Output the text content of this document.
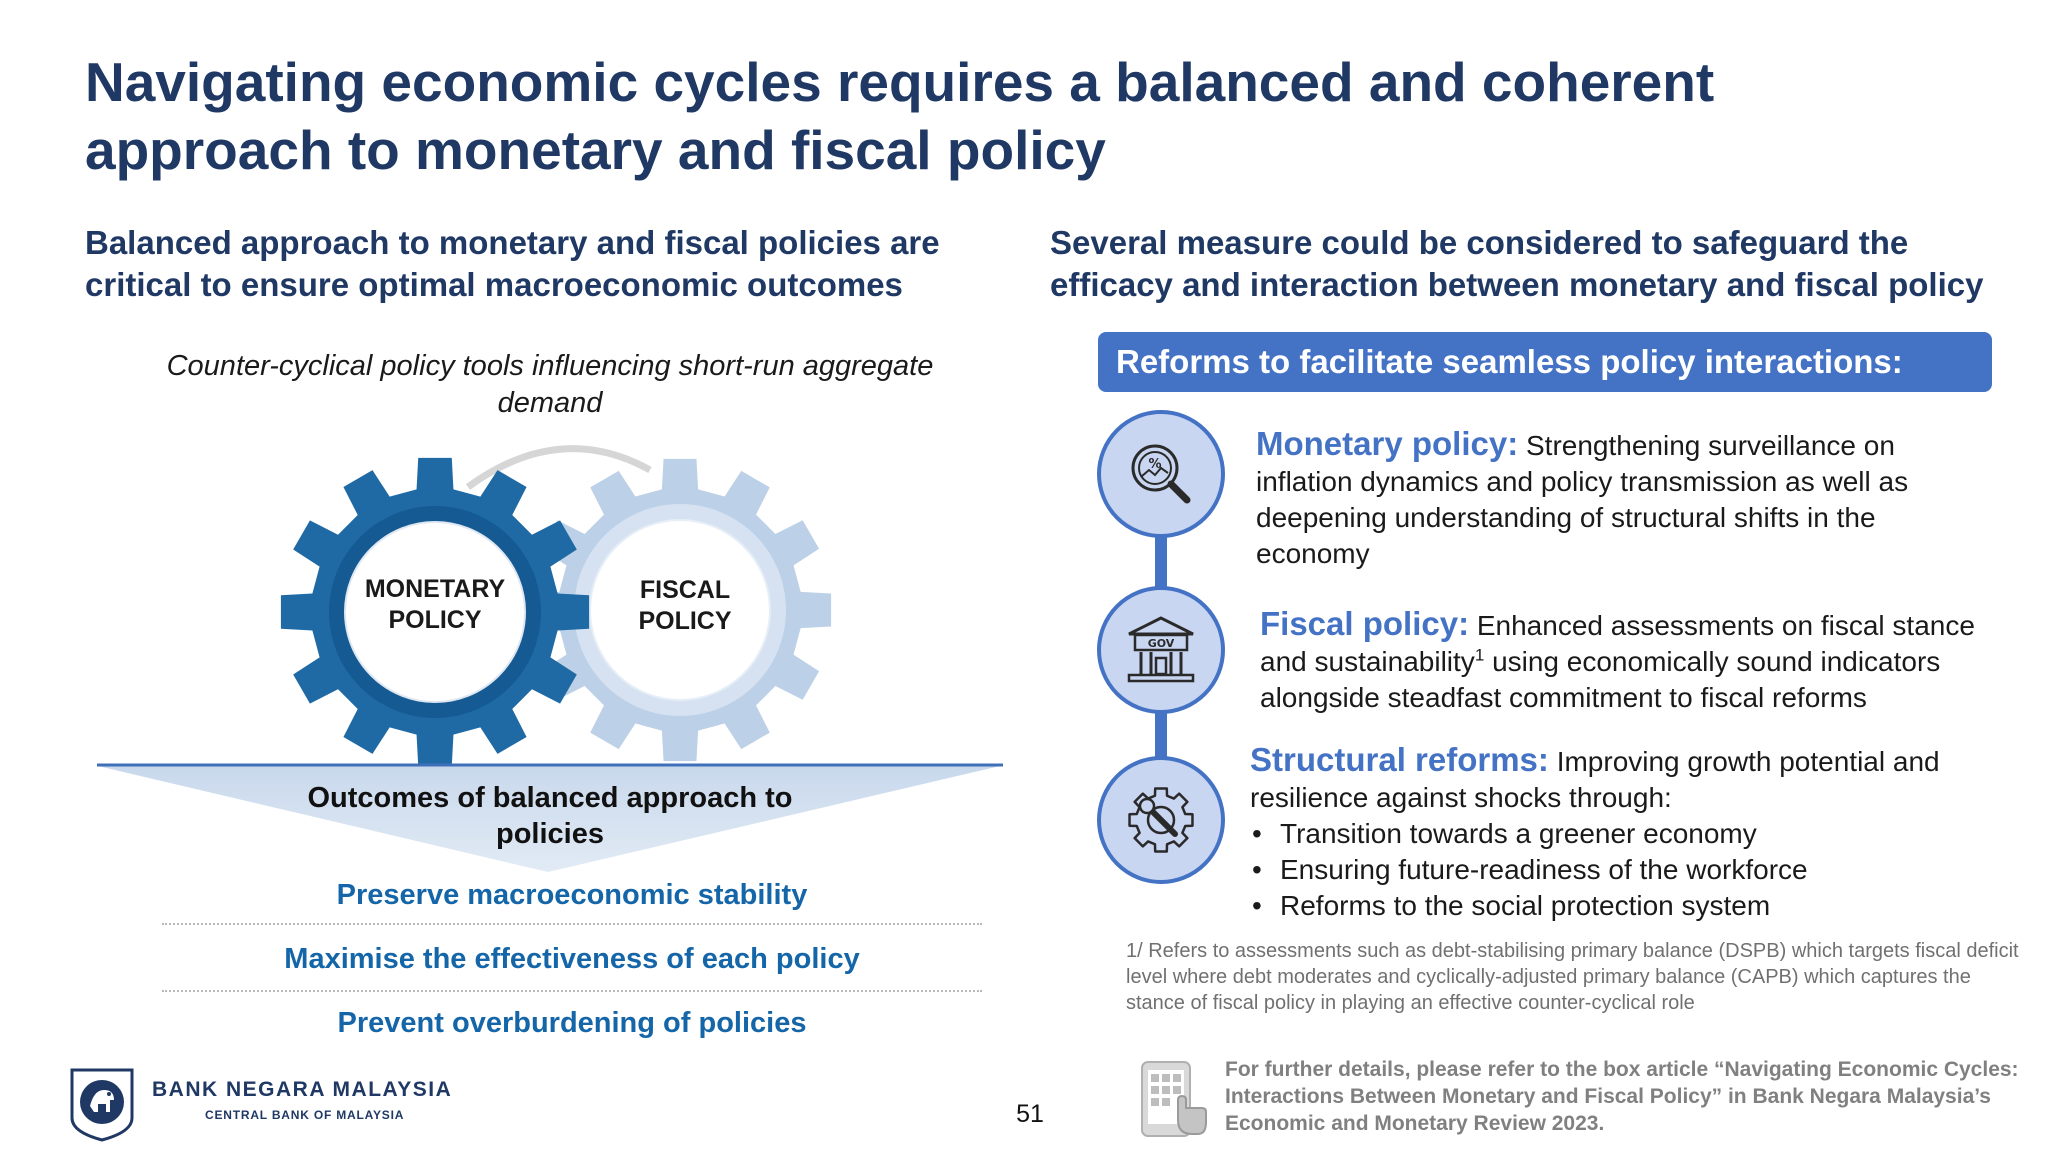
Navigating economic cycles requires a balanced and coherent approach to monetary and fiscal policy
Balanced approach to monetary and fiscal policies are critical to ensure optimal macroeconomic outcomes
Several measure could be considered to safeguard the efficacy and interaction between monetary and fiscal policy
Counter-cyclical policy tools influencing short-run aggregate demand
MONETARY
POLICY
FISCAL
POLICY
Outcomes of balanced approach to policies
Preserve macroeconomic stability
Maximise the effectiveness of each policy
Prevent overburdening of policies
Reforms to facilitate seamless policy interactions:
%
GOV
Monetary policy: Strengthening surveillance on inflation dynamics and policy transmission as well as deepening understanding of structural shifts in the economy
Fiscal policy: Enhanced assessments on fiscal stance and sustainability$^1$ using economically sound indicators alongside steadfast commitment to fiscal reforms
Structural reforms: Improving growth potential and resilience against shocks through:
• Transition towards a greener economy
• Ensuring future-readiness of the workforce
• Reforms to the social protection system
1/ Refers to assessments such as debt-stabilising primary balance (DSPB) which targets fiscal deficit level where debt moderates and cyclically-adjusted primary balance (CAPB) which captures the stance of fiscal policy in playing an effective counter-cyclical role
For further details, please refer to the box article “Navigating Economic Cycles: Interactions Between Monetary and Fiscal Policy” in Bank Negara Malaysia’s Economic and Monetary Review 2023.
BANK NEGARA MALAYSIA
CENTRAL BANK OF MALAYSIA	51
